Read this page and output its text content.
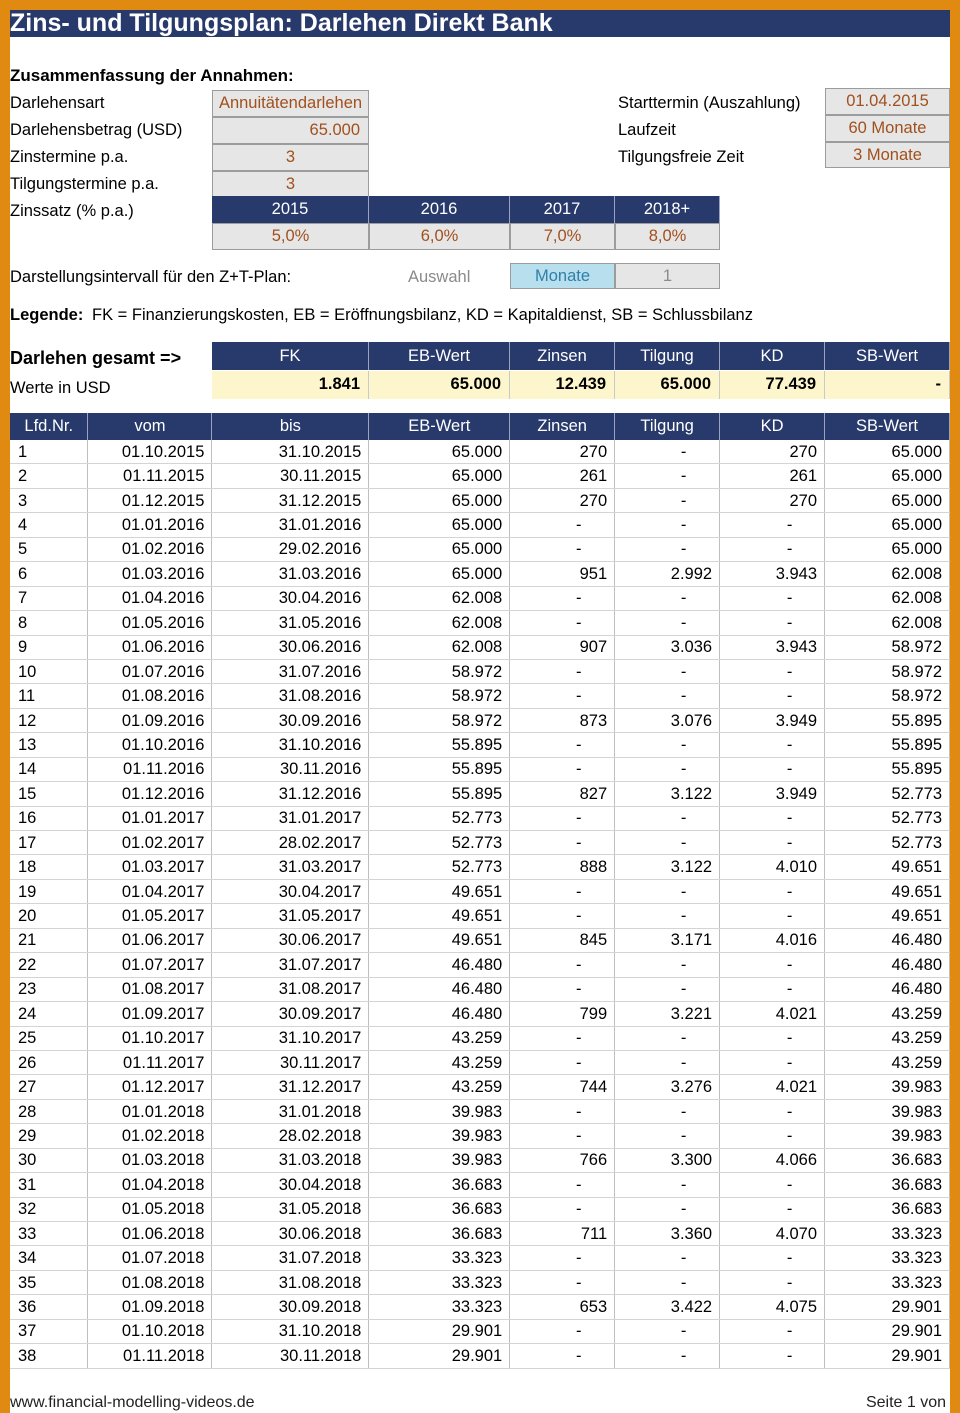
Zins- und Tilgungsplan: Darlehen Direkt Bank
Zusammenfassung der Annahmen:
Darlehensart	Annuitätendarlehen
Darlehensbetrag (USD)	65.000
Zinstermine p.a.	3
Tilgungstermine p.a.	3
Zinssatz (% p.a.)	2015	2016	2017	2018+
5,0%	6,0%	7,0%	8,0%
Starttermin (Auszahlung)	01.04.2015
Laufzeit	60 Monate
Tilgungsfreie Zeit	3 Monate
Darstellungsintervall für den Z+T-Plan:	Auswahl	Monate	1
Legende: FK = Finanzierungskosten, EB = Eröffnungsbilanz, KD = Kapitaldienst, SB = Schlussbilanz
Darlehen gesamt =>
Werte in USD
FK	EB-Wert	Zinsen	Tilgung	KD	SB-Wert
1.841	65.000	12.439	65.000	77.439	-
Lfd.Nr.	vom	bis	EB-Wert	Zinsen	Tilgung	KD	SB-Wert
1	01.10.2015	31.10.2015	65.000	270	-	270	65.000
2	01.11.2015	30.11.2015	65.000	261	-	261	65.000
3	01.12.2015	31.12.2015	65.000	270	-	270	65.000
4	01.01.2016	31.01.2016	65.000	-	-	-	65.000
5	01.02.2016	29.02.2016	65.000	-	-	-	65.000
6	01.03.2016	31.03.2016	65.000	951	2.992	3.943	62.008
7	01.04.2016	30.04.2016	62.008	-	-	-	62.008
8	01.05.2016	31.05.2016	62.008	-	-	-	62.008
9	01.06.2016	30.06.2016	62.008	907	3.036	3.943	58.972
10	01.07.2016	31.07.2016	58.972	-	-	-	58.972
11	01.08.2016	31.08.2016	58.972	-	-	-	58.972
12	01.09.2016	30.09.2016	58.972	873	3.076	3.949	55.895
13	01.10.2016	31.10.2016	55.895	-	-	-	55.895
14	01.11.2016	30.11.2016	55.895	-	-	-	55.895
15	01.12.2016	31.12.2016	55.895	827	3.122	3.949	52.773
16	01.01.2017	31.01.2017	52.773	-	-	-	52.773
17	01.02.2017	28.02.2017	52.773	-	-	-	52.773
18	01.03.2017	31.03.2017	52.773	888	3.122	4.010	49.651
19	01.04.2017	30.04.2017	49.651	-	-	-	49.651
20	01.05.2017	31.05.2017	49.651	-	-	-	49.651
21	01.06.2017	30.06.2017	49.651	845	3.171	4.016	46.480
22	01.07.2017	31.07.2017	46.480	-	-	-	46.480
23	01.08.2017	31.08.2017	46.480	-	-	-	46.480
24	01.09.2017	30.09.2017	46.480	799	3.221	4.021	43.259
25	01.10.2017	31.10.2017	43.259	-	-	-	43.259
26	01.11.2017	30.11.2017	43.259	-	-	-	43.259
27	01.12.2017	31.12.2017	43.259	744	3.276	4.021	39.983
28	01.01.2018	31.01.2018	39.983	-	-	-	39.983
29	01.02.2018	28.02.2018	39.983	-	-	-	39.983
30	01.03.2018	31.03.2018	39.983	766	3.300	4.066	36.683
31	01.04.2018	30.04.2018	36.683	-	-	-	36.683
32	01.05.2018	31.05.2018	36.683	-	-	-	36.683
33	01.06.2018	30.06.2018	36.683	711	3.360	4.070	33.323
34	01.07.2018	31.07.2018	33.323	-	-	-	33.323
35	01.08.2018	31.08.2018	33.323	-	-	-	33.323
36	01.09.2018	30.09.2018	33.323	653	3.422	4.075	29.901
37	01.10.2018	31.10.2018	29.901	-	-	-	29.901
38	01.11.2018	30.11.2018	29.901	-	-	-	29.901
www.financial-modelling-videos.de	Seite 1 von
